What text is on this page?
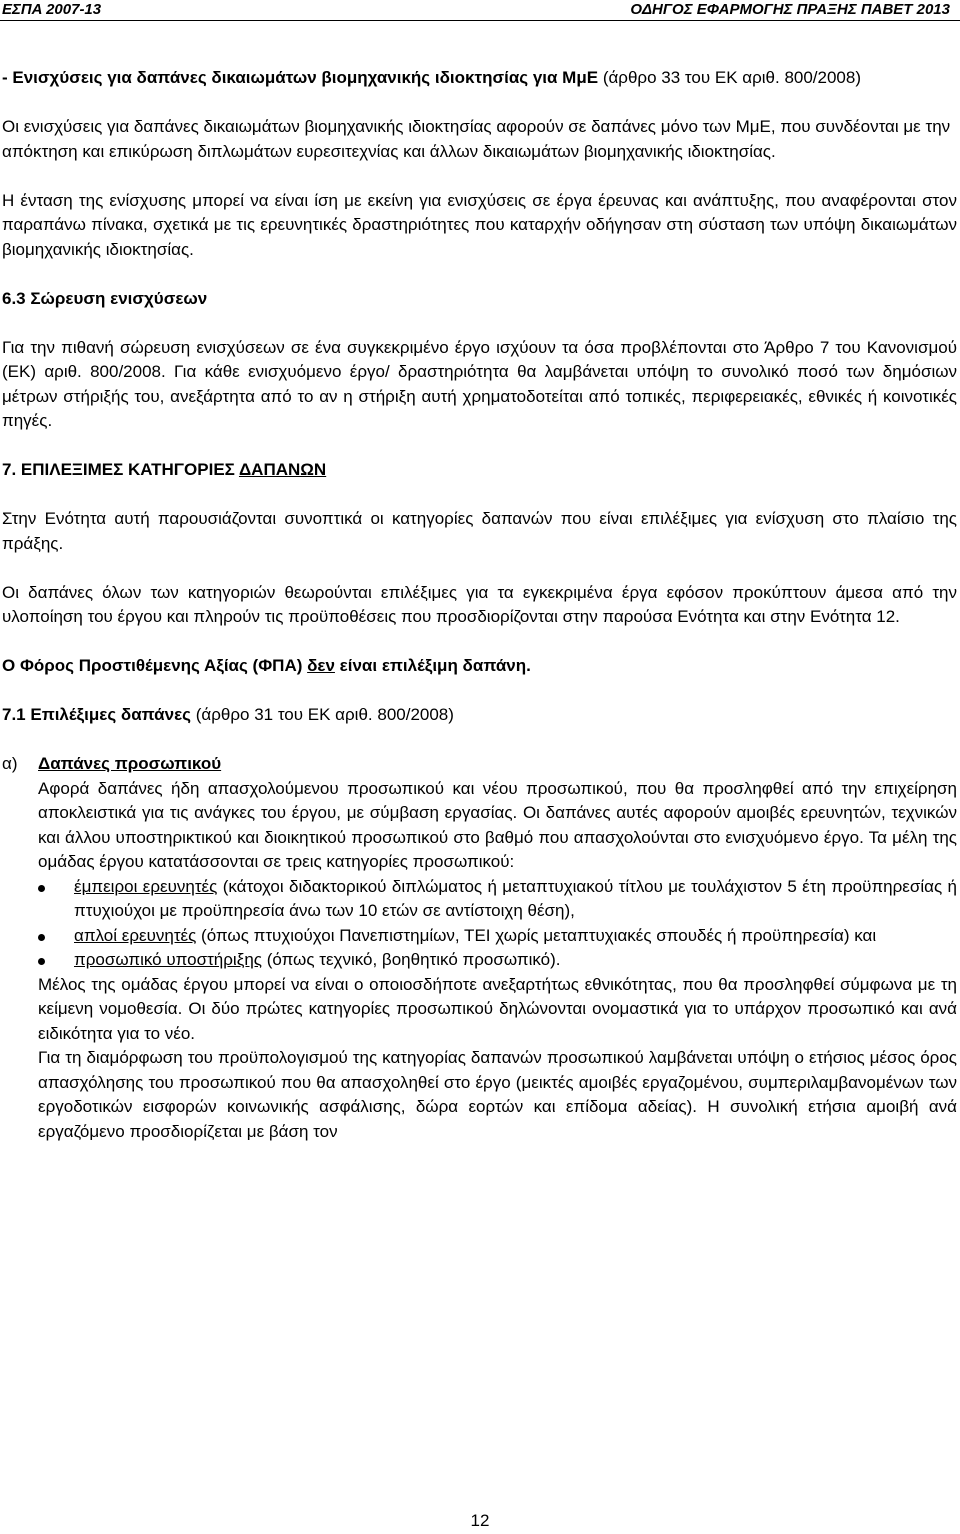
ΕΣΠΑ 2007-13	ΟΔΗΓΟΣ ΕΦΑΡΜΟΓΗΣ ΠΡΑΞΗΣ ΠΑΒΕΤ 2013

- Ενισχύσεις για δαπάνες δικαιωμάτων βιομηχανικής ιδιοκτησίας για ΜμΕ (άρθρο 33 του ΕΚ αριθ. 800/2008)

Οι ενισχύσεις για δαπάνες δικαιωμάτων βιομηχανικής ιδιοκτησίας αφορούν σε δαπάνες μόνο των ΜμΕ, που συνδέονται με την απόκτηση και επικύρωση διπλωμάτων ευρεσιτεχνίας και άλλων δικαιωμάτων βιομηχανικής ιδιοκτησίας.

Η ένταση της ενίσχυσης μπορεί να είναι ίση με εκείνη για ενισχύσεις σε έργα έρευνας και ανάπτυξης, που αναφέρονται στον παραπάνω πίνακα, σχετικά με τις ερευνητικές δραστηριότητες που καταρχήν οδήγησαν στη σύσταση των υπόψη δικαιωμάτων βιομηχανικής ιδιοκτησίας.

6.3 Σώρευση ενισχύσεων

Για την πιθανή σώρευση ενισχύσεων σε ένα συγκεκριμένο έργο ισχύουν τα όσα προβλέπονται στο Άρθρο 7 του Κανονισμού (ΕΚ) αριθ. 800/2008. Για κάθε ενισχυόμενο έργο/ δραστηριότητα θα λαμβάνεται υπόψη το συνολικό ποσό των δημόσιων μέτρων στήριξής του, ανεξάρτητα από το αν η στήριξη αυτή χρηματοδοτείται από τοπικές, περιφερειακές, εθνικές ή κοινοτικές πηγές.

7. ΕΠΙΛΕΞΙΜΕΣ ΚΑΤΗΓΟΡΙΕΣ ΔΑΠΑΝΩΝ

Στην Ενότητα αυτή παρουσιάζονται συνοπτικά οι κατηγορίες δαπανών που είναι επιλέξιμες για ενίσχυση στο πλαίσιο της πράξης.

Οι δαπάνες όλων των κατηγοριών θεωρούνται επιλέξιμες για τα εγκεκριμένα έργα εφόσον προκύπτουν άμεσα από την υλοποίηση του έργου και πληρούν τις προϋποθέσεις που προσδιορίζονται στην παρούσα Ενότητα και στην Ενότητα 12.

Ο Φόρος Προστιθέμενης Αξίας (ΦΠΑ) δεν είναι επιλέξιμη δαπάνη.

7.1 Επιλέξιμες δαπάνες (άρθρο 31 του ΕΚ αριθ. 800/2008)

α) Δαπάνες προσωπικού

Αφορά δαπάνες ήδη απασχολούμενου προσωπικού και νέου προσωπικού, που θα προσληφθεί από την επιχείρηση αποκλειστικά για τις ανάγκες του έργου, με σύμβαση εργασίας. Οι δαπάνες αυτές αφορούν αμοιβές ερευνητών, τεχνικών και άλλου υποστηρικτικού και διοικητικού προσωπικού στο βαθμό που απασχολούνται στο ενισχυόμενο έργο. Τα μέλη της ομάδας έργου κατατάσσονται σε τρεις κατηγορίες προσωπικού:

έμπειροι ερευνητές (κάτοχοι διδακτορικού διπλώματος ή μεταπτυχιακού τίτλου με τουλάχιστον 5 έτη προϋπηρεσίας ή πτυχιούχοι με προϋπηρεσία άνω των 10 ετών σε αντίστοιχη θέση),
απλοί ερευνητές (όπως πτυχιούχοι Πανεπιστημίων, ΤΕΙ χωρίς μεταπτυχιακές σπουδές ή προϋπηρεσία) και
προσωπικό υποστήριξης (όπως τεχνικό, βοηθητικό προσωπικό).

Μέλος της ομάδας έργου μπορεί να είναι ο οποιοσδήποτε ανεξαρτήτως εθνικότητας, που θα προσληφθεί σύμφωνα με τη κείμενη νομοθεσία. Οι δύο πρώτες κατηγορίες προσωπικού δηλώνονται ονομαστικά για το υπάρχον προσωπικό και ανά ειδικότητα για το νέο.

Για τη διαμόρφωση του προϋπολογισμού της κατηγορίας δαπανών προσωπικού λαμβάνεται υπόψη ο ετήσιος μέσος όρος απασχόλησης του προσωπικού που θα απασχοληθεί στο έργο (μεικτές αμοιβές εργαζομένου, συμπεριλαμβανομένων των εργοδοτικών εισφορών κοινωνικής ασφάλισης, δώρα εορτών και επίδομα αδείας). Η συνολική ετήσια αμοιβή ανά εργαζόμενο προσδιορίζεται με βάση τον

12
